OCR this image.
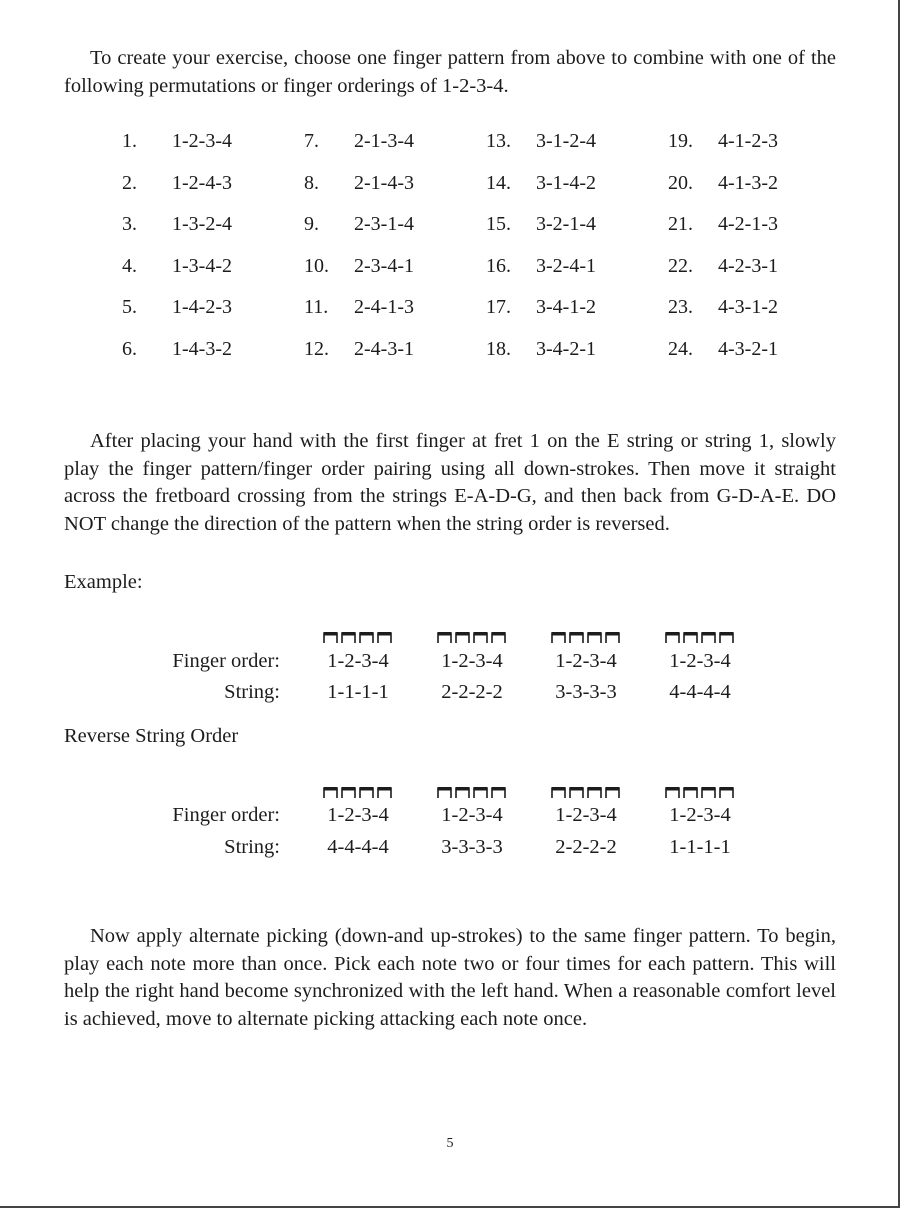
To create your exercise, choose one finger pattern from above to combine with one of the following permutations or finger orderings of 1-2-3-4.

1. 1-2-3-4
2. 1-2-4-3
3. 1-3-2-4
4. 1-3-4-2
5. 1-4-2-3
6. 1-4-3-2
7. 2-1-3-4
8. 2-1-4-3
9. 2-3-1-4
10. 2-3-4-1
11. 2-4-1-3
12. 2-4-3-1
13. 3-1-2-4
14. 3-1-4-2
15. 3-2-1-4
16. 3-2-4-1
17. 3-4-1-2
18. 3-4-2-1
19. 4-1-2-3
20. 4-1-3-2
21. 4-2-1-3
22. 4-2-3-1
23. 4-3-1-2
24. 4-3-2-1

After placing your hand with the first finger at fret 1 on the E string or string 1, slowly play the finger pattern/finger order pairing using all down-strokes. Then move it straight across the fretboard crossing from the strings E-A-D-G, and then back from G-D-A-E. DO NOT change the direction of the pattern when the string order is reversed.

Example:
Finger order:
String:
1-2-3-4
1-1-1-1
1-2-3-4
2-2-2-2
1-2-3-4
3-3-3-3
1-2-3-4
4-4-4-4
Reverse String Order
Finger order:
String:
1-2-3-4
4-4-4-4
1-2-3-4
3-3-3-3
1-2-3-4
2-2-2-2
1-2-3-4
1-1-1-1

Now apply alternate picking (down-and up-strokes) to the same finger pattern. To begin, play each note more than once. Pick each note two or four times for each pattern. This will help the right hand become synchronized with the left hand. When a reasonable comfort level is achieved, move to alternate picking attacking each note once.

5
